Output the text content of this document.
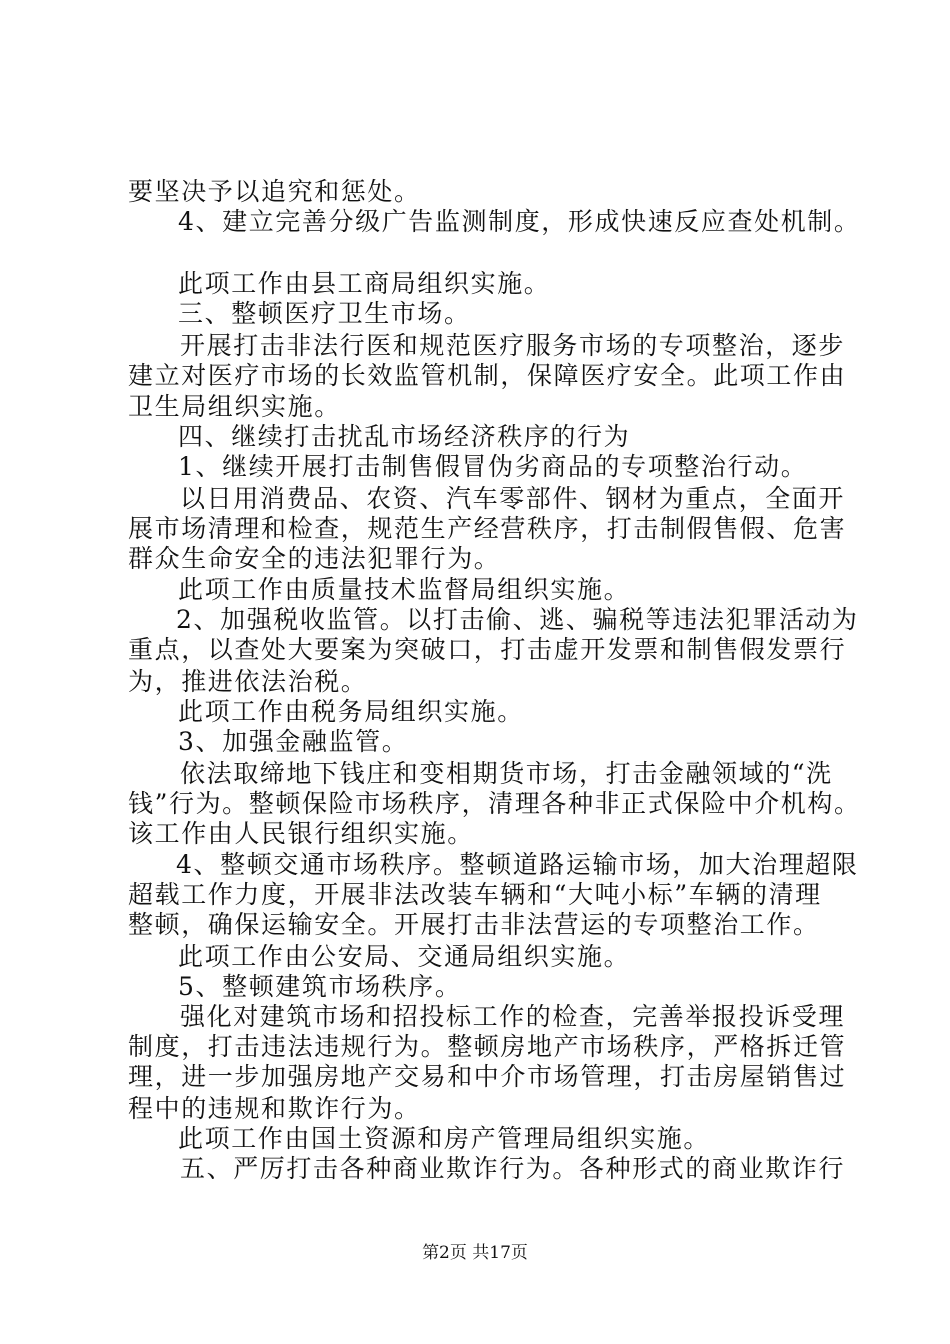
要坚决予以追究和惩处。
4、建立完善分级广告监测制度，形成快速反应查处机制。
此项工作由县工商局组织实施。
三、整顿医疗卫生市场。
开展打击非法行医和规范医疗服务市场的专项整治，逐步
建立对医疗市场的长效监管机制，保障医疗安全。此项工作由
卫生局组织实施。
四、继续打击扰乱市场经济秩序的行为
1、继续开展打击制售假冒伪劣商品的专项整治行动。
以日用消费品、农资、汽车零部件、钢材为重点，全面开
展市场清理和检查，规范生产经营秩序，打击制假售假、危害
群众生命安全的违法犯罪行为。
此项工作由质量技术监督局组织实施。
2、加强税收监管。以打击偷、逃、骗税等违法犯罪活动为
重点，以查处大要案为突破口，打击虚开发票和制售假发票行
为，推进依法治税。
此项工作由税务局组织实施。
3、加强金融监管。
依法取缔地下钱庄和变相期货市场，打击金融领域的“洗
钱”行为。整顿保险市场秩序，清理各种非正式保险中介机构。
该工作由人民银行组织实施。
4、整顿交通市场秩序。整顿道路运输市场，加大治理超限
超载工作力度，开展非法改装车辆和“大吨小标”车辆的清理
整顿，确保运输安全。开展打击非法营运的专项整治工作。
此项工作由公安局、交通局组织实施。
5、整顿建筑市场秩序。
强化对建筑市场和招投标工作的检查，完善举报投诉受理
制度，打击违法违规行为。整顿房地产市场秩序，严格拆迁管
理，进一步加强房地产交易和中介市场管理，打击房屋销售过
程中的违规和欺诈行为。
此项工作由国土资源和房产管理局组织实施。
五、严厉打击各种商业欺诈行为。各种形式的商业欺诈行
第2页 共17页
